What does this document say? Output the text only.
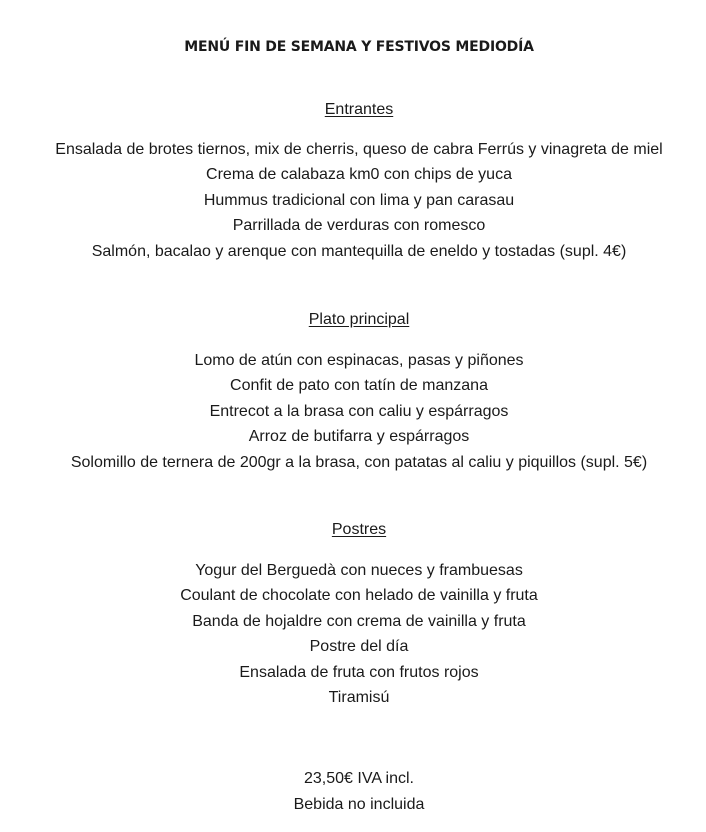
MENÚ FIN DE SEMANA Y FESTIVOS MEDIODÍA
Entrantes
Ensalada de brotes tiernos, mix de cherris, queso de cabra Ferrús y vinagreta de miel
Crema de calabaza km0 con chips de yuca
Hummus tradicional con lima y pan carasau
Parrillada de verduras con romesco
Salmón, bacalao y arenque con mantequilla de eneldo y tostadas (supl. 4€)
Plato principal
Lomo de atún con espinacas, pasas y piñones
Confit de pato con tatín de manzana
Entrecot a la brasa con caliu y espárragos
Arroz de butifarra y espárragos
Solomillo de ternera de 200gr a la brasa, con patatas al caliu y piquillos (supl. 5€)
Postres
Yogur del Berguedà con nueces y frambuesas
Coulant de chocolate con helado de vainilla y fruta
Banda de hojaldre con crema de vainilla y fruta
Postre del día
Ensalada de fruta con frutos rojos
Tiramisú

23,50€ IVA incl.

Bebida no incluida
